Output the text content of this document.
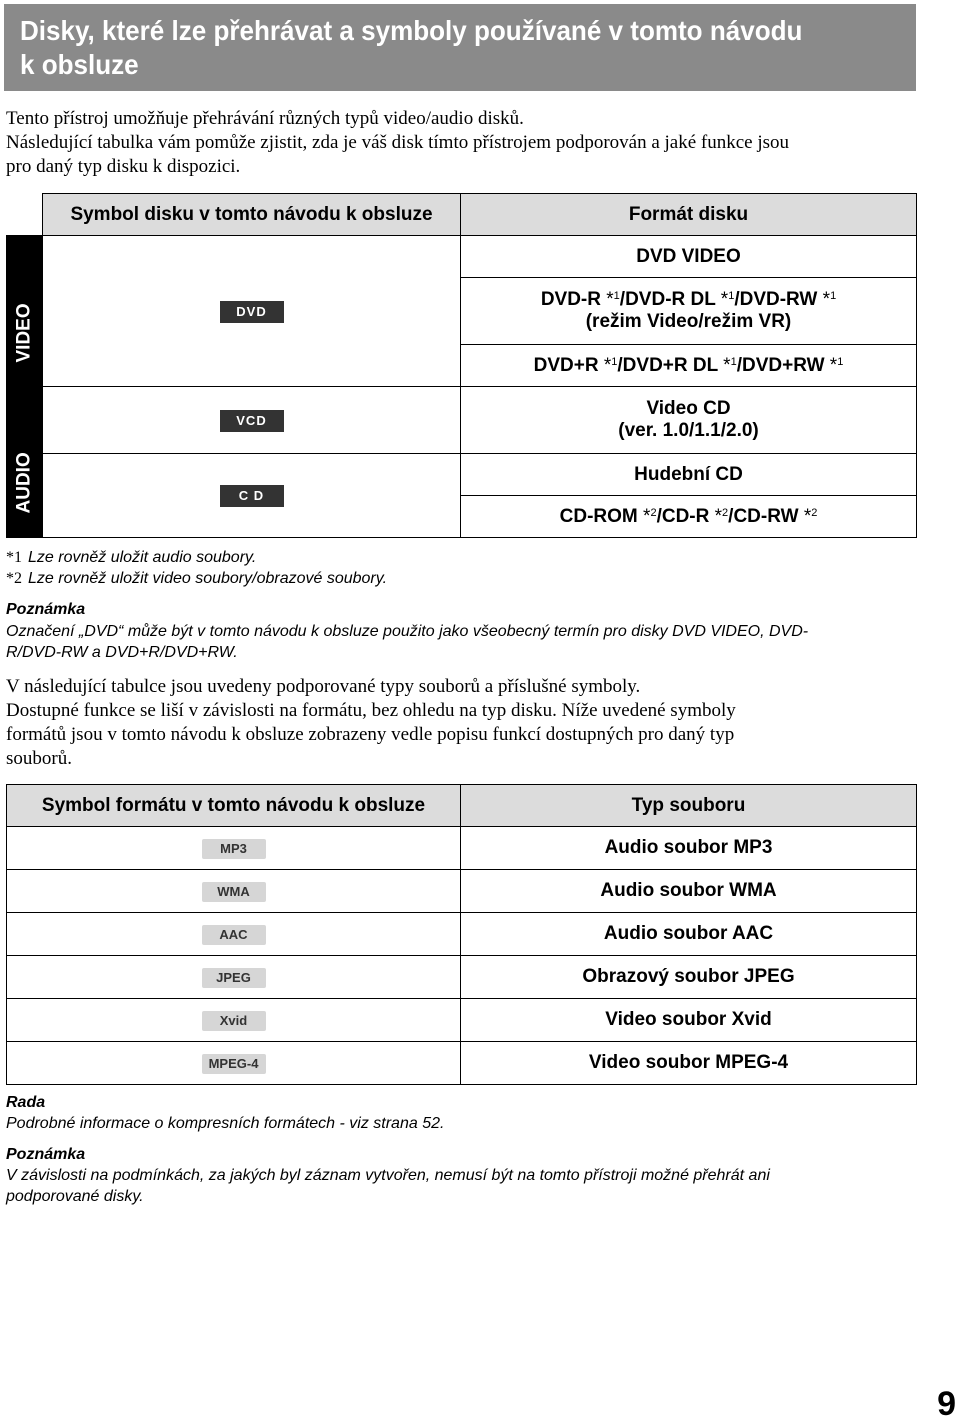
Disky, které lze přehrávat a symboly používané v tomto návodu
k obsluze
Tento přístroj umožňuje přehrávání různých typů video/audio disků.
Následující tabulka vám pomůže zjistit, zda je váš disk tímto přístrojem podporován a jaké funkce jsou
pro daný typ disku k dispozici.
	Symbol disku v tomto návodu k obsluze	Formát disku

VIDEO	DVD	DVD VIDEO

		DVD-R *$^1$/DVD-R DL *$^1$/DVD-RW *$^1$
(režim Video/režim VR)

		DVD+R *$^1$/DVD+R DL *$^1$/DVD+RW *$^1$
	VCD	Video CD
(ver. 1.0/1.1/2.0)

AUDIO	C D	Hudební CD
		CD-ROM *$^2$/CD-R *$^2$/CD-RW *$^2$
*1 Lze rovněž uložit audio soubory.
*2 Lze rovněž uložit video soubory/obrazové soubory.
Poznámka
Označení „DVD“ může být v tomto návodu k obsluze použito jako všeobecný termín pro disky DVD VIDEO, DVD-
R/DVD-RW a DVD+R/DVD+RW.
V následující tabulce jsou uvedeny podporované typy souborů a příslušné symboly.
Dostupné funkce se liší v závislosti na formátu, bez ohledu na typ disku. Níže uvedené symboly
formátů jsou v tomto návodu k obsluze zobrazeny vedle popisu funkcí dostupných pro daný typ
souborů.
Symbol formátu v tomto návodu k obsluze	Typ souboru
MP3	Audio soubor MP3
WMA	Audio soubor WMA
AAC	Audio soubor AAC
JPEG	Obrazový soubor JPEG
Xvid	Video soubor Xvid
MPEG-4	Video soubor MPEG-4
Rada
Podrobné informace o kompresních formátech - viz strana 52.
Poznámka
V závislosti na podmínkách, za jakých byl záznam vytvořen, nemusí být na tomto přístroji možné přehrát ani
podporované disky.
9
